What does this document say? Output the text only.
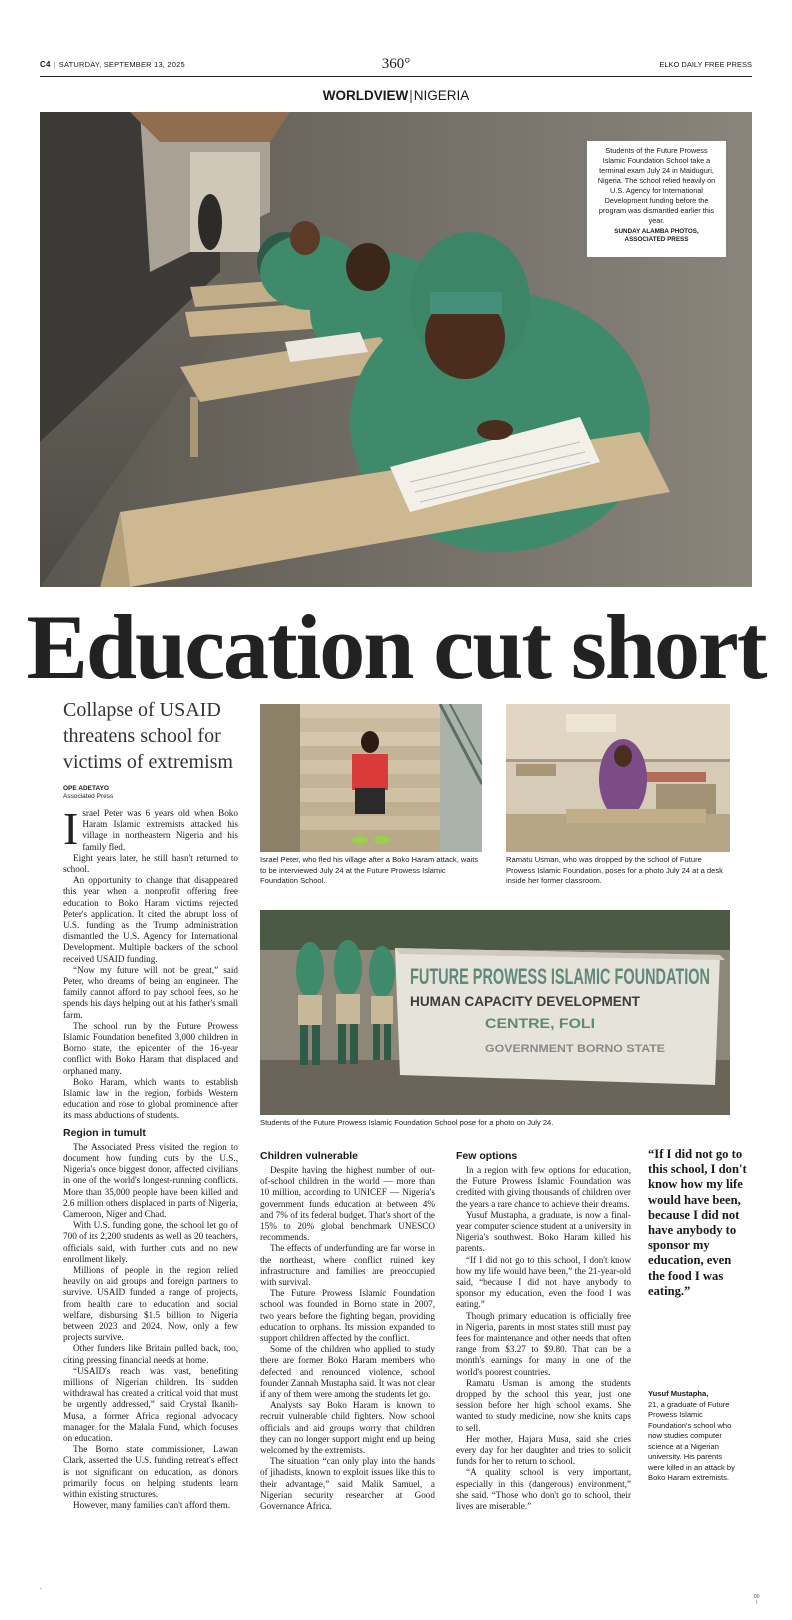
C4 | SATURDAY, SEPTEMBER 13, 2025	360°	ELKO DAILY FREE PRESS
WORLDVIEW|NIGERIA
Students of the Future Prowess Islamic Foundation School take a terminal exam July 24 in Maiduguri, Nigeria. The school relied heavily on U.S. Agency for International Development funding before the program was dismantled earlier this year.
SUNDAY ALAMBA PHOTOS, ASSOCIATED PRESS
Education cut short
Collapse of USAID threatens school for victims of extremism
OPE ADETAYO
Associated Press

Israel Peter was 6 years old when Boko Haram Islamic extremists attacked his village in northeastern Nigeria and his family fled.

Eight years later, he still hasn't returned to school.

An opportunity to change that disappeared this year when a nonprofit offering free education to Boko Haram victims rejected Peter's application. It cited the abrupt loss of U.S. funding as the Trump administration dismantled the U.S. Agency for International Development. Multiple backers of the school received USAID funding.

“Now my future will not be great,” said Peter, who dreams of being an engineer. The family cannot afford to pay school fees, so he spends his days helping out at his father's small farm.

The school run by the Future Prowess Islamic Foundation benefited 3,000 children in Borno state, the epicenter of the 16-year conflict with Boko Haram that displaced and orphaned many.

Boko Haram, which wants to establish Islamic law in the region, forbids Western education and rose to global prominence after its mass abductions of students.

Region in tumult

The Associated Press visited the region to document how funding cuts by the U.S., Nigeria's once biggest donor, affected civilians in one of the world's longest-running conflicts. More than 35,000 people have been killed and 2.6 million others displaced in parts of Nigeria, Cameroon, Niger and Chad.

With U.S. funding gone, the school let go of 700 of its 2,200 students as well as 20 teachers, officials said, with further cuts and no new enrollment likely.

Millions of people in the region relied heavily on aid groups and foreign partners to survive. USAID funded a range of projects, from health care to education and social welfare, disbursing $1.5 billion to Nigeria between 2023 and 2024. Now, only a few projects survive.

Other funders like Britain pulled back, too, citing pressing financial needs at home.

“USAID's reach was vast, benefiting millions of Nigerian children. Its sudden withdrawal has created a critical void that must be urgently addressed,” said Crystal Ikanih-Musa, a former Africa regional advocacy manager for the Malala Fund, which focuses on education.

The Borno state commissioner, Lawan Clark, asserted the U.S. funding retreat's effect is not significant on education, as donors primarily focus on helping students learn within existing structures.

However, many families can't afford them.

Israel Peter, who fled his village after a Boko Haram attack, waits to be interviewed July 24 at the Future Prowess Islamic Foundation School.
Ramatu Usman, who was dropped by the school of Future Prowess Islamic Foundation, poses for a photo July 24 at a desk inside her former classroom.
FUTURE PROWESS ISLAMIC FOUNDATION
HUMAN CAPACITY DEVELOPMENT
CENTRE, FOLI
GOVERNMENT BORNO STATE
Students of the Future Prowess Islamic Foundation School pose for a photo on July 24.
Children vulnerable

Despite having the highest number of out-of-school children in the world — more than 10 million, according to UNICEF — Nigeria's government funds education at between 4% and 7% of its federal budget. That's short of the 15% to 20% global benchmark UNESCO recommends.

The effects of underfunding are far worse in the northeast, where conflict ruined key infrastructure and families are preoccupied with survival.

The Future Prowess Islamic Foundation school was founded in Borno state in 2007, two years before the fighting began, providing education to orphans. Its mission expanded to support children affected by the conflict.

Some of the children who applied to study there are former Boko Haram members who defected and renounced violence, school founder Zannah Mustapha said. It was not clear if any of them were among the students let go.

Analysts say Boko Haram is known to recruit vulnerable child fighters. Now school officials and aid groups worry that children they can no longer support might end up being welcomed by the extremists.

The situation “can only play into the hands of jihadists, known to exploit issues like this to their advantage,” said Malik Samuel, a Nigerian security researcher at Good Governance Africa.

Few options

In a region with few options for education, the Future Prowess Islamic Foundation was credited with giving thousands of children over the years a rare chance to achieve their dreams.

Yusuf Mustapha, a graduate, is now a final-year computer science student at a university in Nigeria's southwest. Boko Haram killed his parents.

“If I did not go to this school, I don't know how my life would have been,” the 21-year-old said, “because I did not have anybody to sponsor my education, even the food I was eating.”

Though primary education is officially free in Nigeria, parents in most states still must pay fees for maintenance and other needs that often range from $3.27 to $9.80. That can be a month's earnings for many in one of the world's poorest countries.

Ramatu Usman is among the students dropped by the school this year, just one session before her high school exams. She wanted to study medicine, now she knits caps to sell.

Her mother, Hajara Musa, said she cries every day for her daughter and tries to solicit funds for her to return to school.

“A quality school is very important, especially in this (dangerous) environment,” she said. “Those who don't go to school, their lives are miserable.”

“If I did not go to this school, I don't know how my life would have been, because I did not have anybody to sponsor my education, even the food I was eating.”
Yusuf Mustapha,
21, a graduate of Future Prowess Islamic Foundation's school who now studies computer science at a Nigerian university. His parents were killed in an attack by Boko Haram extremists.
.
00
I
